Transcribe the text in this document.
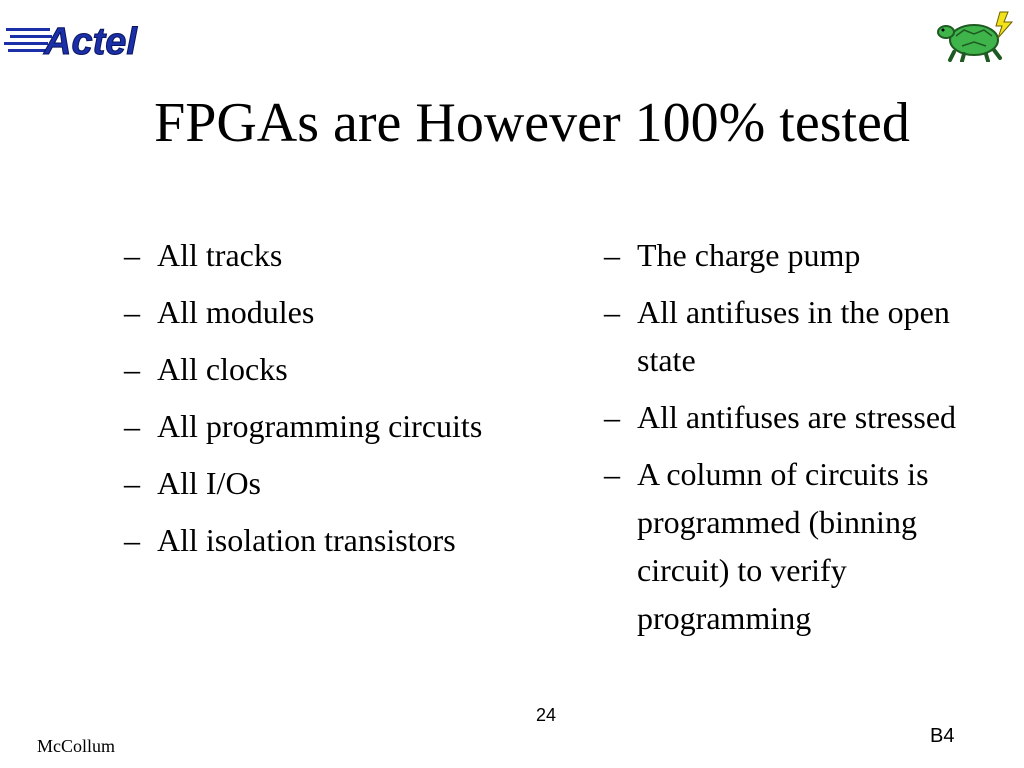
Actel
FPGAs are However 100% tested
– All tracks
– All modules
– All clocks
– All programming circuits
– All I/Os
– All isolation transistors
– The charge pump
– All antifuses in the open state
– All antifuses are stressed
– A column of circuits is programmed (binning circuit) to verify programming
24
McCollum	B4
